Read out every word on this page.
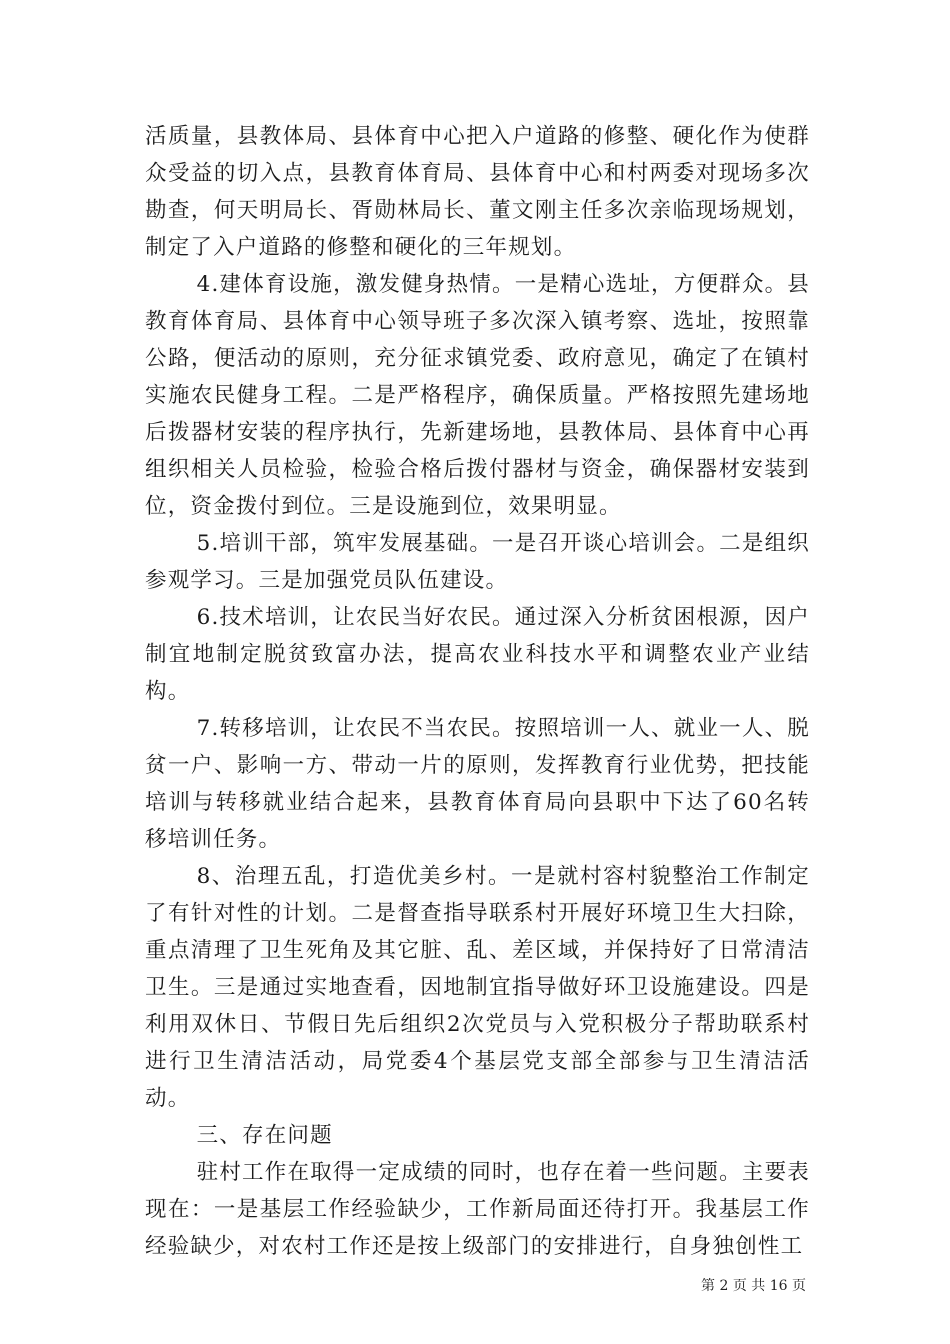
活质量，县教体局、县体育中心把入户道路的修整、硬化作为使群众受益的切入点，县教育体育局、县体育中心和村两委对现场多次勘查，何天明局长、胥勋林局长、董文刚主任多次亲临现场规划，制定了入户道路的修整和硬化的三年规划。

4.建体育设施，激发健身热情。一是精心选址，方便群众。县教育体育局、县体育中心领导班子多次深入镇考察、选址，按照靠公路，便活动的原则，充分征求镇党委、政府意见，确定了在镇村实施农民健身工程。二是严格程序，确保质量。严格按照先建场地后拨器材安装的程序执行，先新建场地，县教体局、县体育中心再组织相关人员检验，检验合格后拨付器材与资金，确保器材安装到位，资金拨付到位。三是设施到位，效果明显。

5.培训干部，筑牢发展基础。一是召开谈心培训会。二是组织参观学习。三是加强党员队伍建设。

6.技术培训，让农民当好农民。通过深入分析贫困根源，因户制宜地制定脱贫致富办法，提高农业科技水平和调整农业产业结构。

7.转移培训，让农民不当农民。按照培训一人、就业一人、脱贫一户、影响一方、带动一片的原则，发挥教育行业优势，把技能培训与转移就业结合起来，县教育体育局向县职中下达了60名转移培训任务。

8、治理五乱，打造优美乡村。一是就村容村貌整治工作制定了有针对性的计划。二是督查指导联系村开展好环境卫生大扫除，重点清理了卫生死角及其它脏、乱、差区域，并保持好了日常清洁卫生。三是通过实地查看，因地制宜指导做好环卫设施建设。四是利用双休日、节假日先后组织2次党员与入党积极分子帮助联系村进行卫生清洁活动，局党委4个基层党支部全部参与卫生清洁活动。

三、存在问题

驻村工作在取得一定成绩的同时，也存在着一些问题。主要表现在：一是基层工作经验缺少，工作新局面还待打开。我基层工作经验缺少，对农村工作还是按上级部门的安排进行，自身独创性工

第 2 页 共 16 页
